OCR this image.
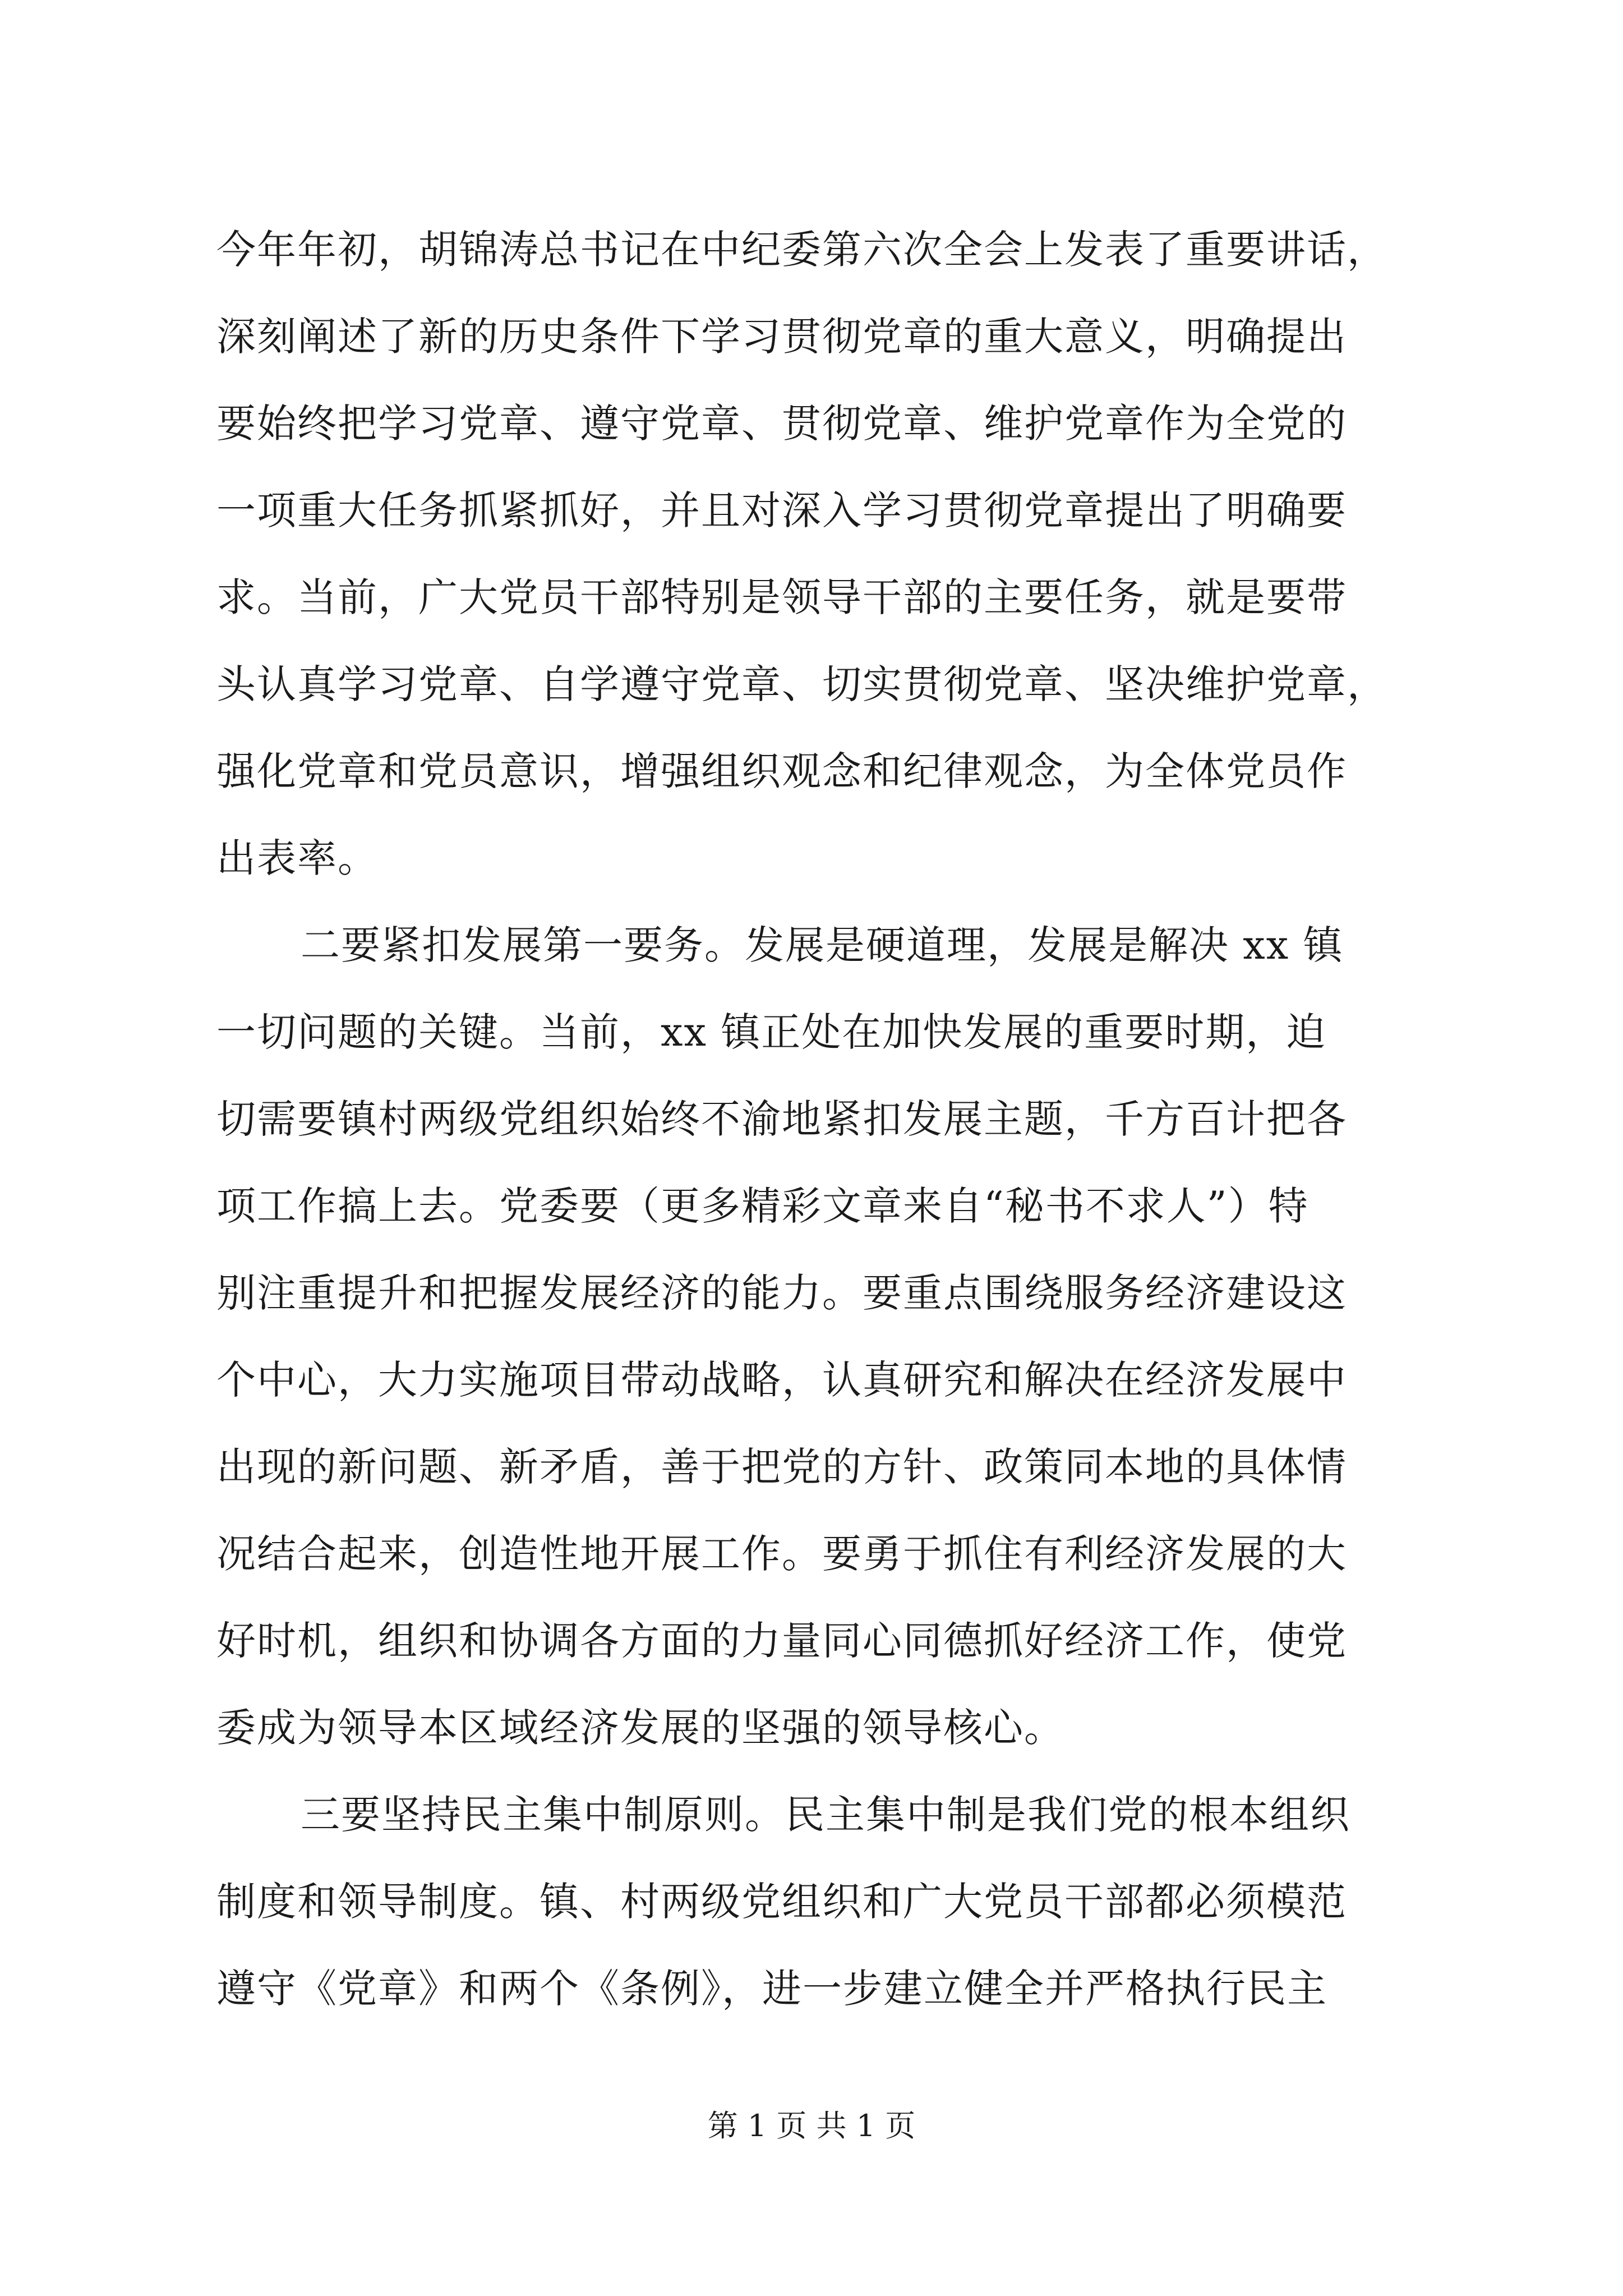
今年年初，胡锦涛总书记在中纪委第六次全会上发表了重要讲话，
深刻阐述了新的历史条件下学习贯彻党章的重大意义，明确提出
要始终把学习党章、遵守党章、贯彻党章、维护党章作为全党的
一项重大任务抓紧抓好，并且对深入学习贯彻党章提出了明确要
求。当前，广大党员干部特别是领导干部的主要任务，就是要带
头认真学习党章、自学遵守党章、切实贯彻党章、坚决维护党章，
强化党章和党员意识，增强组织观念和纪律观念，为全体党员作
出表率。
二要紧扣发展第一要务。发展是硬道理，发展是解决 xx 镇
一切问题的关键。当前，xx 镇正处在加快发展的重要时期，迫
切需要镇村两级党组织始终不渝地紧扣发展主题，千方百计把各
项工作搞上去。党委要（更多精彩文章来自“秘书不求人”）特
别注重提升和把握发展经济的能力。要重点围绕服务经济建设这
个中心，大力实施项目带动战略，认真研究和解决在经济发展中
出现的新问题、新矛盾，善于把党的方针、政策同本地的具体情
况结合起来，创造性地开展工作。要勇于抓住有利经济发展的大
好时机，组织和协调各方面的力量同心同德抓好经济工作，使党
委成为领导本区域经济发展的坚强的领导核心。
三要坚持民主集中制原则。民主集中制是我们党的根本组织
制度和领导制度。镇、村两级党组织和广大党员干部都必须模范
遵守《党章》和两个《条例》，进一步建立健全并严格执行民主
第 1 页 共 1 页
